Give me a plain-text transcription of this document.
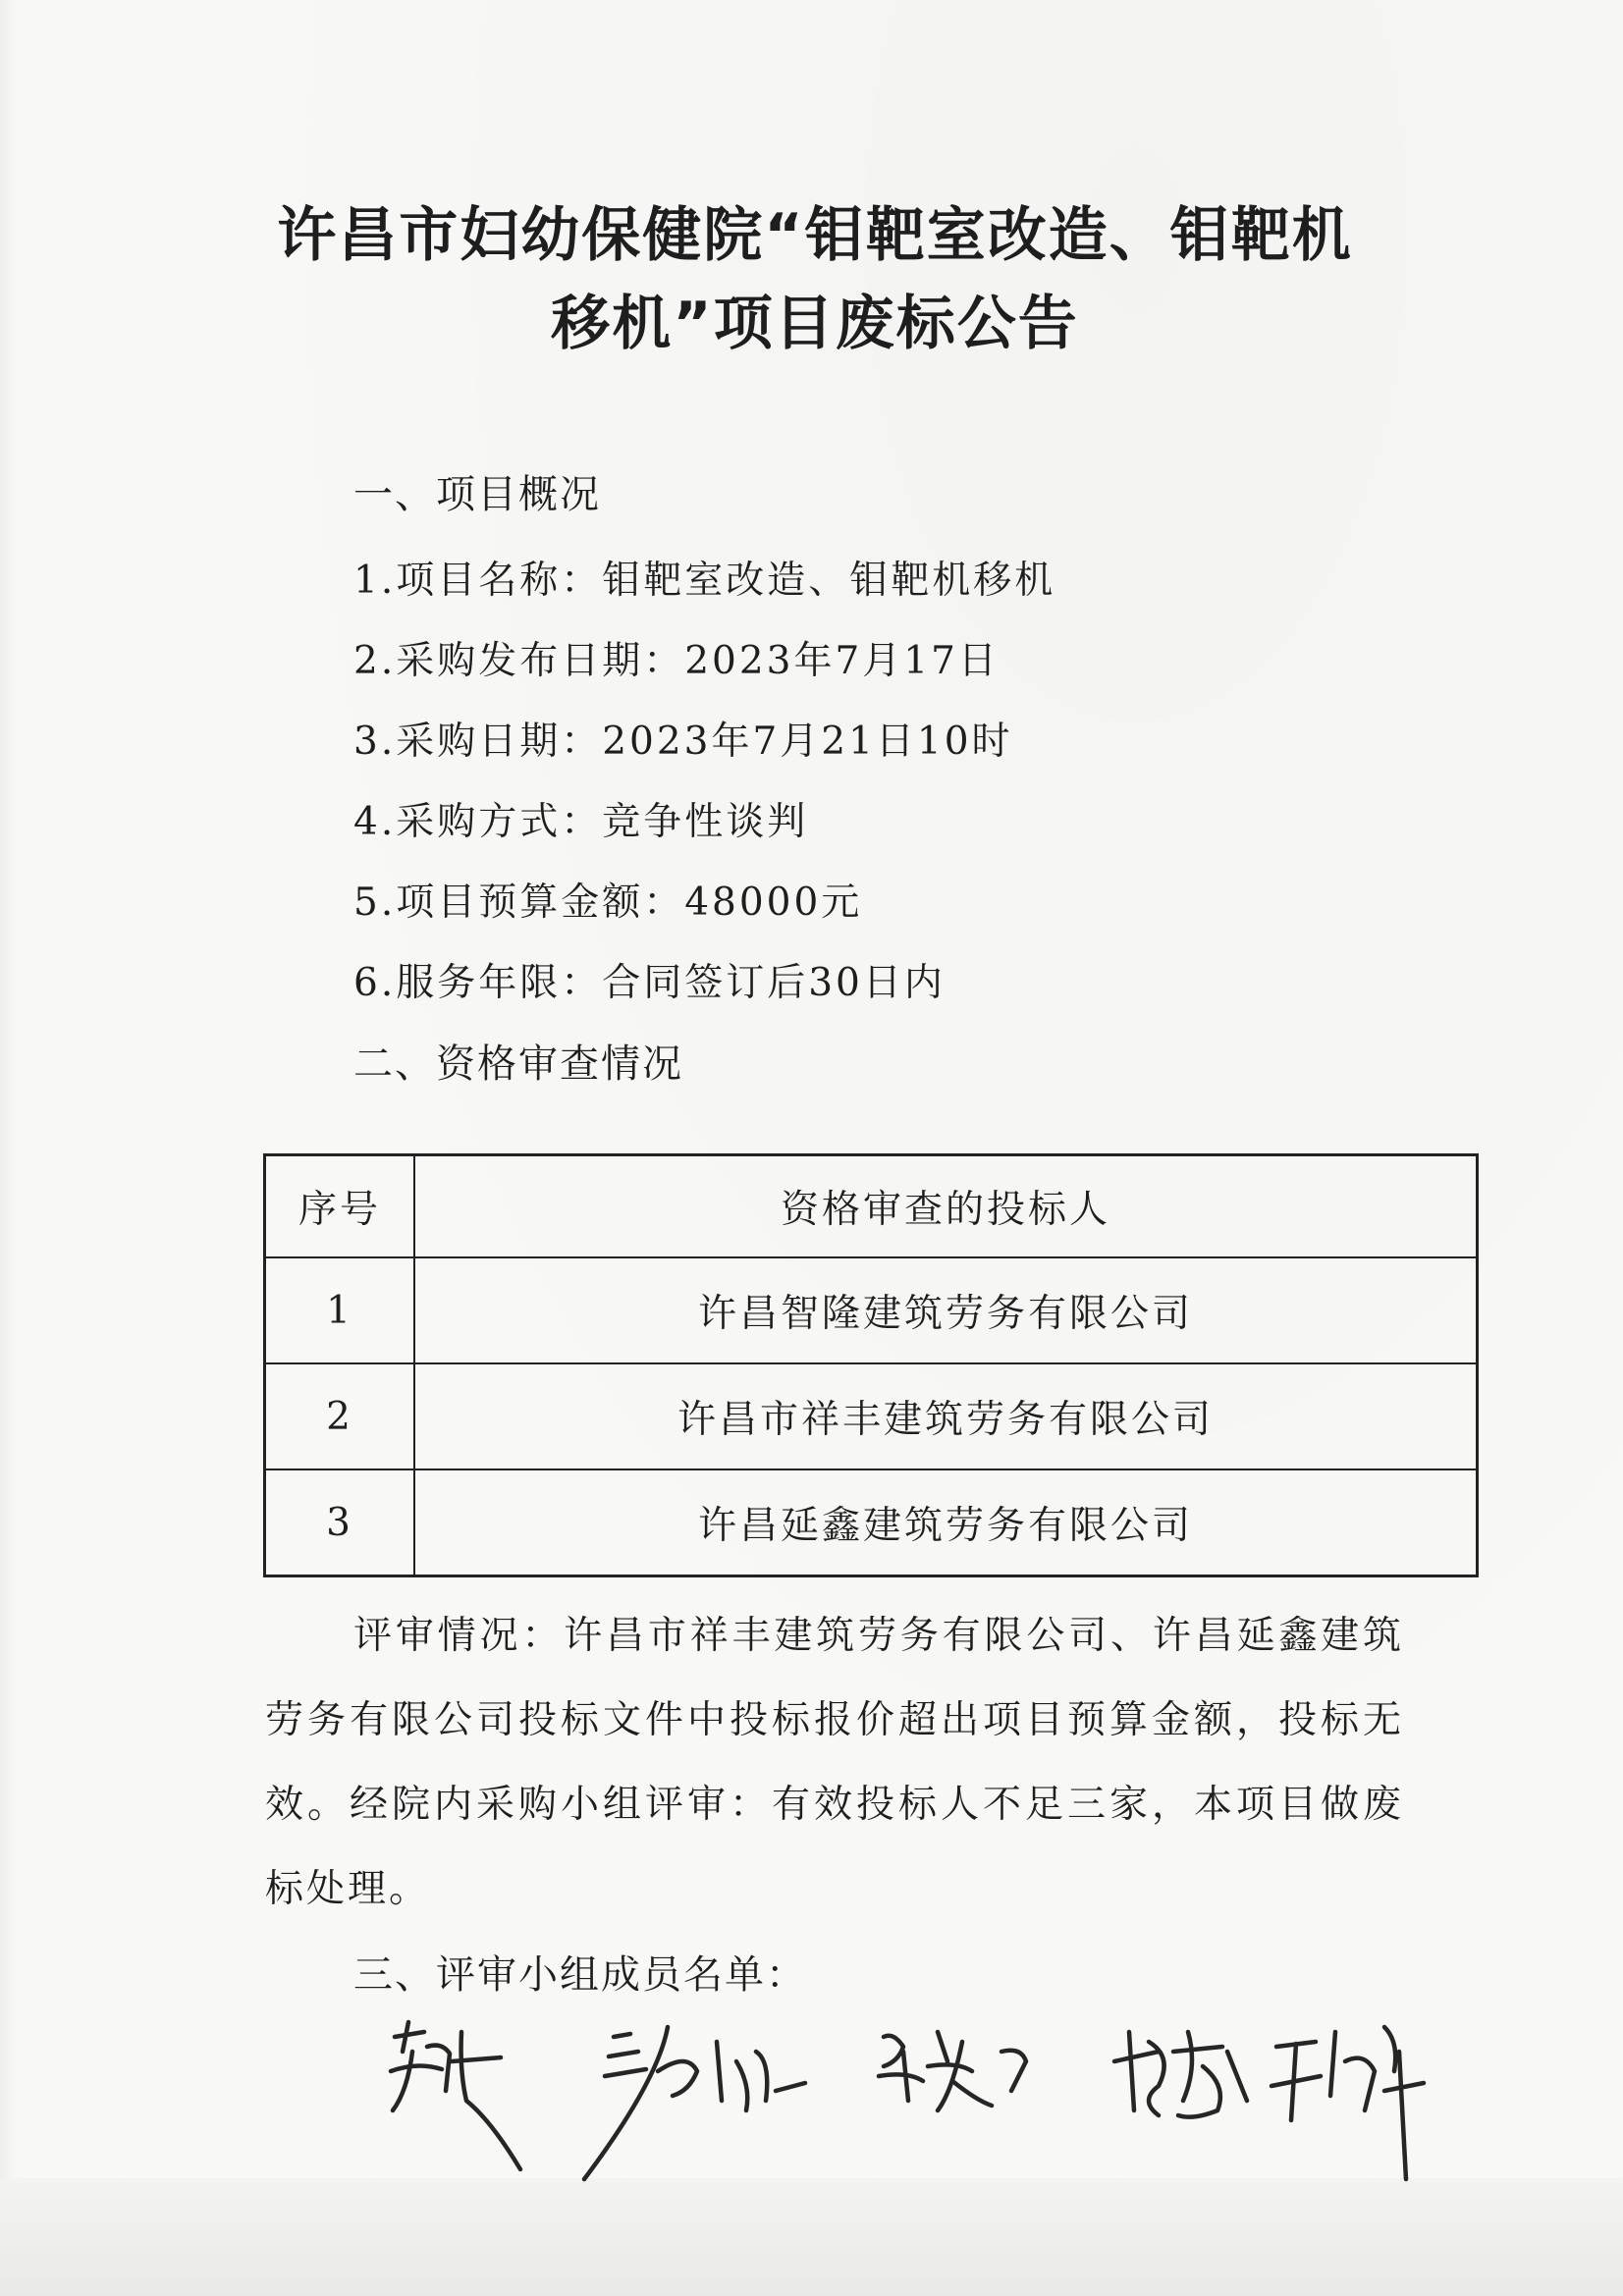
许昌市妇幼保健院“钼靶室改造、钼靶机
移机”项目废标公告
一、项目概况
1.项目名称：钼靶室改造、钼靶机移机
2.采购发布日期：2023年7月17日
3.采购日期：2023年7月21日10时
4.采购方式：竞争性谈判
5.项目预算金额：48000元
6.服务年限：合同签订后30日内
二、资格审查情况
序号	资格审查的投标人
1	许昌智隆建筑劳务有限公司
2	许昌市祥丰建筑劳务有限公司
3	许昌延鑫建筑劳务有限公司
评审情况：许昌市祥丰建筑劳务有限公司、许昌延鑫建筑劳务有限公司投标文件中投标报价超出项目预算金额，投标无效。经院内采购小组评审：有效投标人不足三家，本项目做废标处理。
三、评审小组成员名单：
